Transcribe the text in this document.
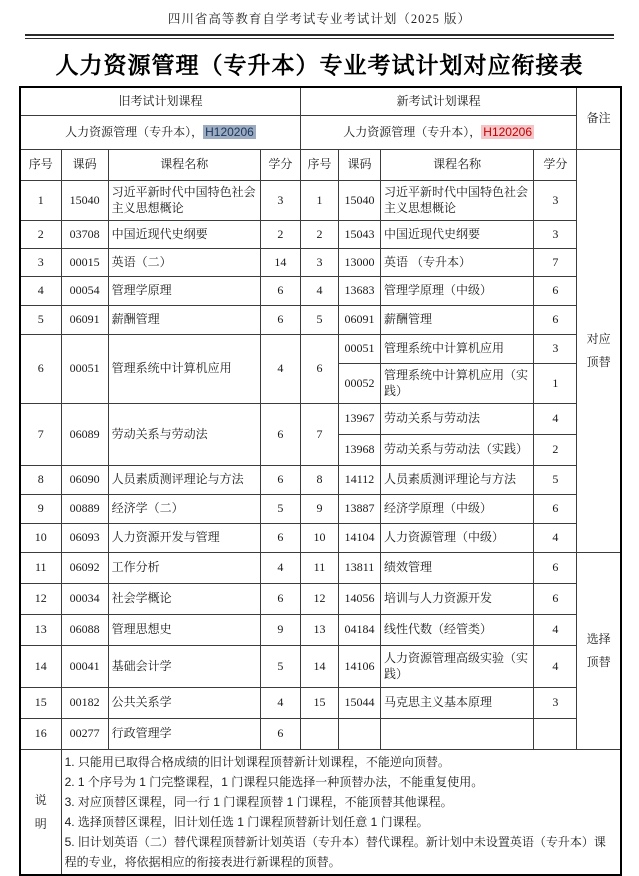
四川省高等教育自学考试专业考试计划（2025 版）
人力资源管理（专升本）专业考试计划对应衔接表
旧考试计划课程				新考试计划课程				备注
人力资源管理（专升本）， H120206				人力资源管理（专升本）， H120206				
序号	课码	课程名称	学分	序号	课码	课程名称	学分	对应
顶替

1	15040	习近平新时代中国特色社会主义思想概论	3	1	15040	习近平新时代中国特色社会主义思想概论	3	
2	03708	中国近现代史纲要	2	2	15043	中国近现代史纲要	3	
3	00015	英语（二）	14	3	13000	英语 （专升本）	7	
4	00054	管理学原理	6	4	13683	管理学原理（中级）	6	
5	06091	薪酬管理	6	5	06091	薪酬管理	6	
6	00051	管理系统中计算机应用	4	6	00051	管理系统中计算机应用	3	
					00052	管理系统中计算机应用（实践）	1	
7	06089	劳动关系与劳动法	6	7	13967	劳动关系与劳动法	4	
					13968	劳动关系与劳动法（实践）	2	
8	06090	人员素质测评理论与方法	6	8	14112	人员素质测评理论与方法	5	
9	00889	经济学（二）	5	9	13887	经济学原理（中级）	6	
10	06093	人力资源开发与管理	6	10	14104	人力资源管理（中级）	4	
11	06092	工作分析	4	11	13811	绩效管理	6	选择
顶替

12	00034	社会学概论	6	12	14056	培训与人力资源开发	6	
13	06088	管理思想史	9	13	04184	线性代数（经管类）	4	
14	00041	基础会计学	5	14	14106	人力资源管理高级实验（实践）	4	
15	00182	公共关系学	4	15	15044	马克思主义基本原理	3	
16	00277	行政管理学	6					

说
明	1. 只能用已取得合格成绩的旧计划课程顶替新计划课程，不能逆向顶替。
2. 1 个序号为 1 门完整课程，1 门课程只能选择一种顶替办法，不能重复使用。
3. 对应顶替区课程，同一行 1 门课程顶替 1 门课程，不能顶替其他课程。
4. 选择顶替区课程，旧计划任选 1 门课程顶替新计划任意 1 门课程。
5. 旧计划英语（二）替代课程顶替新计划英语（专升本）替代课程。新计划中未设置英语（专升本）课程的专业，将依据相应的衔接表进行新课程的顶替。							
